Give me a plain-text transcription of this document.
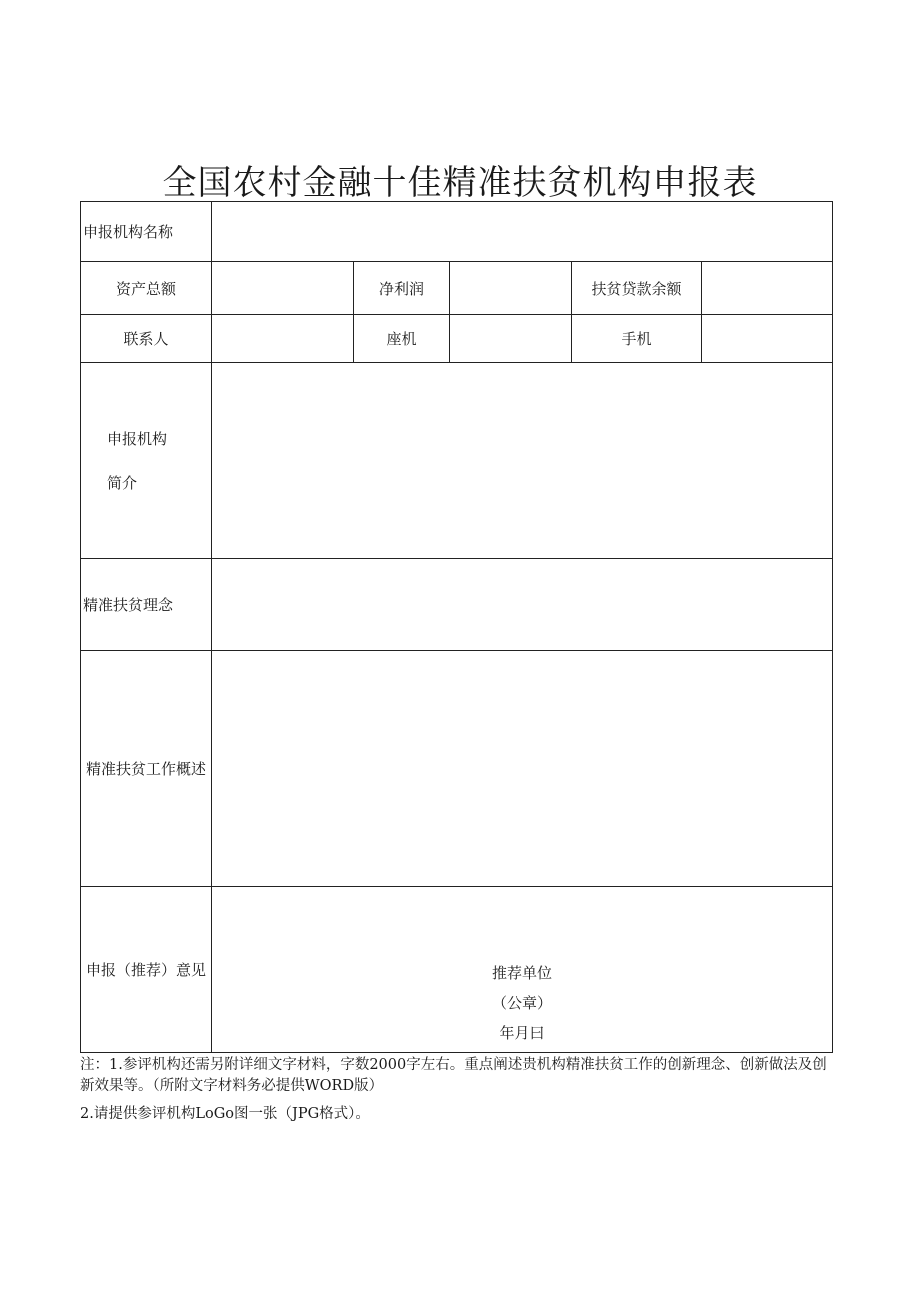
全国农村金融十佳精准扶贫机构申报表
申报机构名称					
资产总额		净利润		扶贫贷款余额	
联系人		座机		手机	

申报机构
简介					

精准扶贫理念					
精准扶贫工作概述					
申报（推荐）意见	推荐单位
（公章）
年月曰				
注：1.参评机构还需另附详细文字材料，字数2000字左右。重点阐述贵机构精准扶贫工作的创新理念、创新做法及创新效果等。（所附文字材料务必提供WORD版）
2.请提供参评机构LoGo图一张（JPG格式）。
